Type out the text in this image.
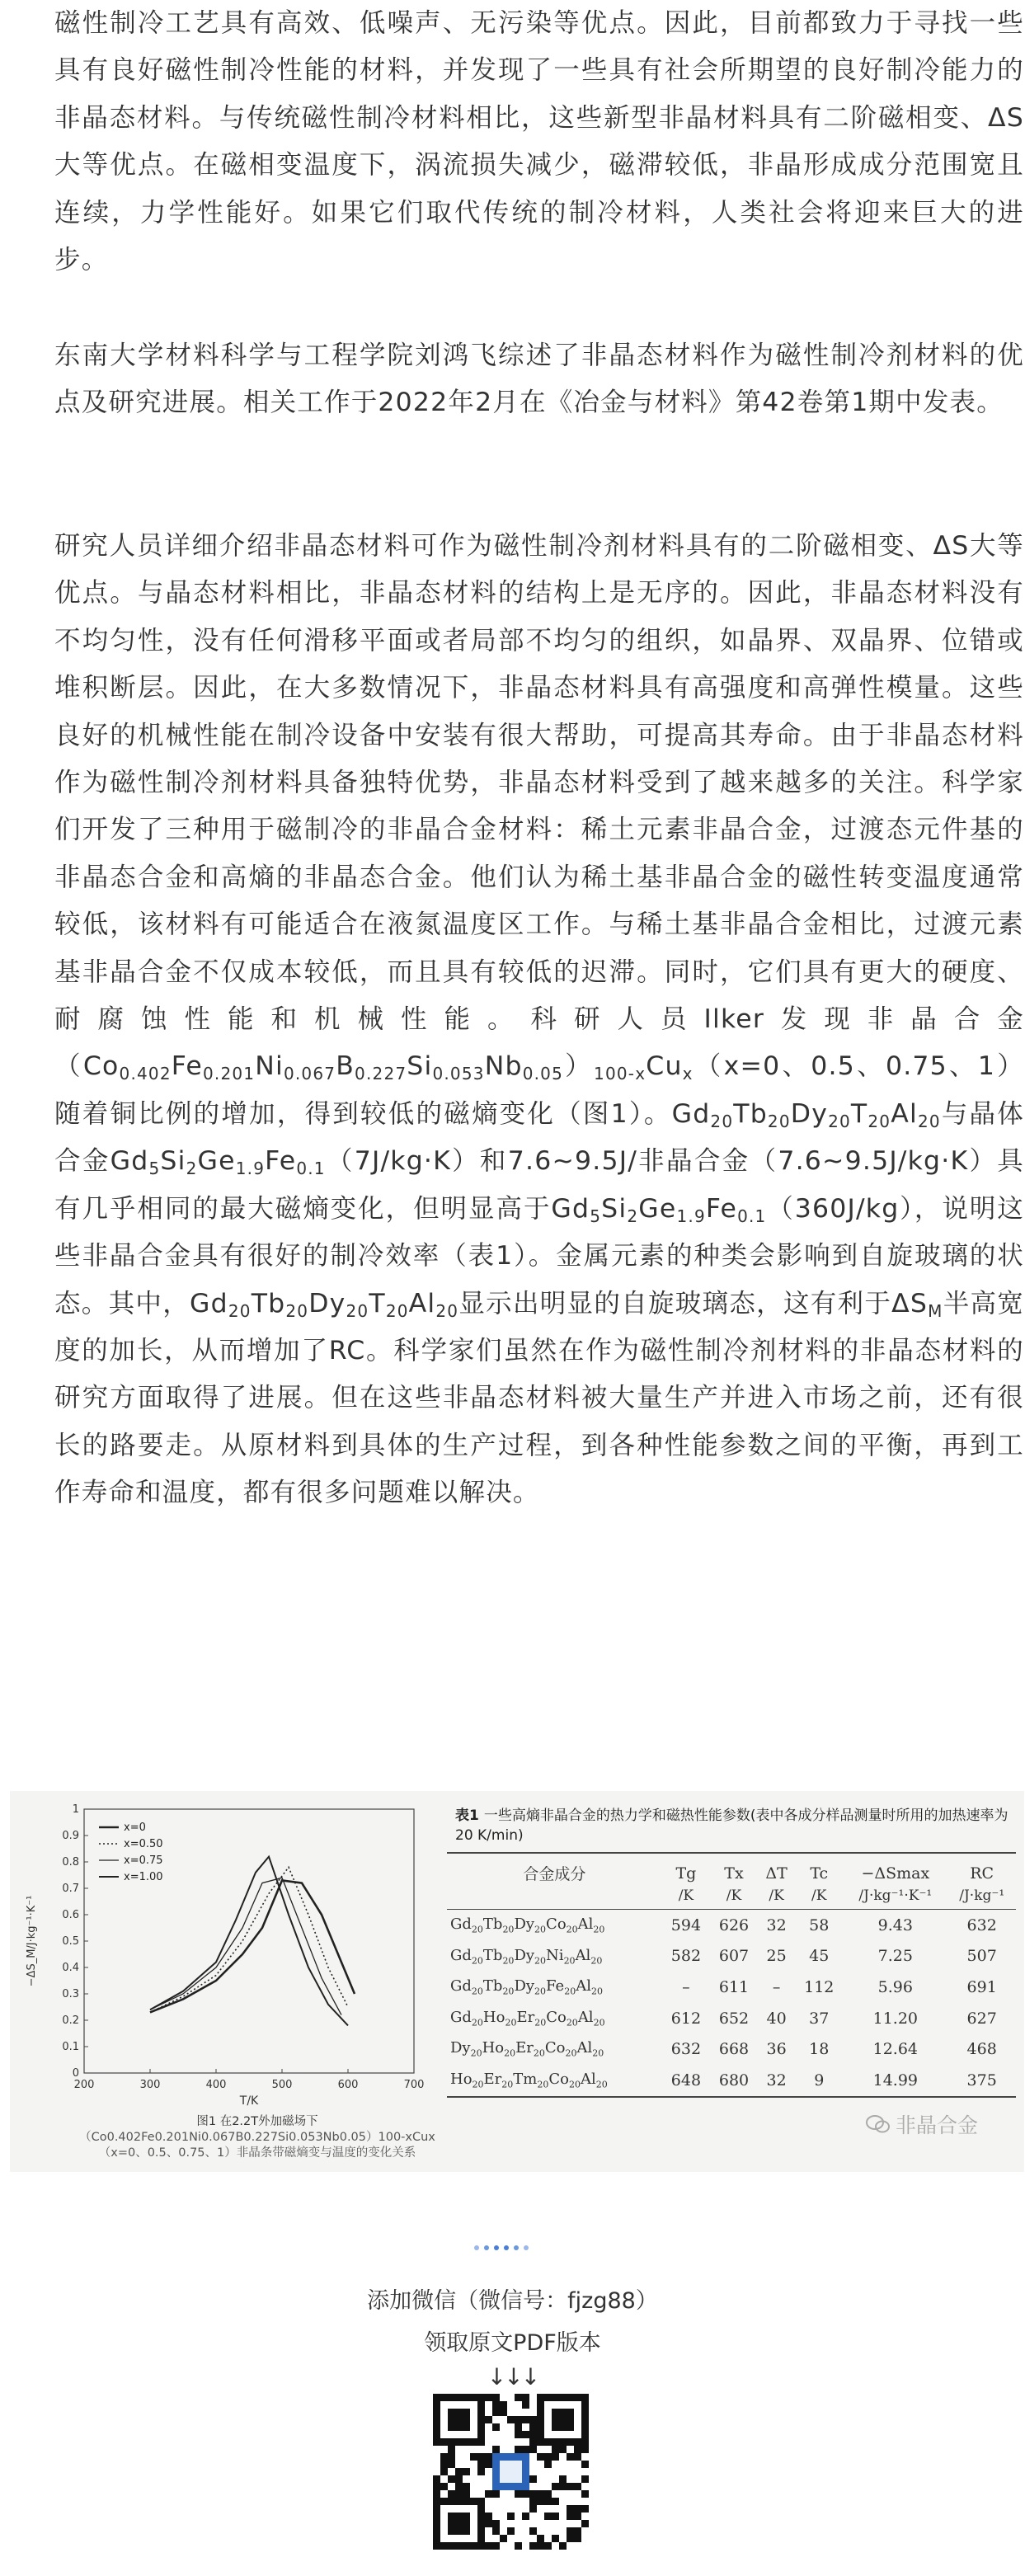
磁性制冷工艺具有高效、低噪声、无污染等优点。因此，目前都致力于寻找一些具有良好磁性制冷性能的材料，并发现了一些具有社会所期望的良好制冷能力的非晶态材料。与传统磁性制冷材料相比，这些新型非晶材料具有二阶磁相变、ΔS大等优点。在磁相变温度下，涡流损失减少，磁滞较低，非晶形成成分范围宽且连续，力学性能好。如果它们取代传统的制冷材料，人类社会将迎来巨大的进步。

东南大学材料科学与工程学院刘鸿飞综述了非晶态材料作为磁性制冷剂材料的优点及研究进展。相关工作于2022年2月在《冶金与材料》第42卷第1期中发表。

研究人员详细介绍非晶态材料可作为磁性制冷剂材料具有的二阶磁相变、ΔS大等优点。与晶态材料相比，非晶态材料的结构上是无序的。因此，非晶态材料没有不均匀性，没有任何滑移平面或者局部不均匀的组织，如晶界、双晶界、位错或堆积断层。因此，在大多数情况下，非晶态材料具有高强度和高弹性模量。这些良好的机械性能在制冷设备中安装有很大帮助，可提高其寿命。由于非晶态材料作为磁性制冷剂材料具备独特优势，非晶态材料受到了越来越多的关注。科学家们开发了三种用于磁制冷的非晶合金材料：稀土元素非晶合金，过渡态元件基的非晶态合金和高熵的非晶态合金。他们认为稀土基非晶合金的磁性转变温度通常较低，该材料有可能适合在液氮温度区工作。与稀土基非晶合金相比，过渡元素基非晶合金不仅成本较低，而且具有较低的迟滞。同时，它们具有更大的硬度、耐腐蚀性能和机械性能。科研人员Ilker发现非晶合金$(Co_{0.402}Fe_{0.201}Ni_{0.067}B_{0.227}Si_{0.053}Nb_{0.05})_{100-x}Cu_x(x=0$、0.5、0.75、1）随着铜比例的增加，得到较低的磁熵变化（图1）。$Gd_{20}Tb_{20}Dy_{20}T_{20}Al_{20}$与晶体合金$Gd_5Si_2Ge_{1.9}Fe_{0.1}(7J/kg\cdot K)$和7.6~9.5J/非晶合金（7.6~9.5J/kg·K）具有几乎相同的最大磁熵变化，但明显高于$Gd_5Si_2Ge_{1.9}Fe_{0.1}(360J/kg)$，说明这些非晶合金具有很好的制冷效率（表1）。金属元素的种类会影响到自旋玻璃的状态。其中，$Gd_{20}Tb_{20}Dy_{20}T_{20}Al_{20}$显示出明显的自旋玻璃态，这有利于$\Delta S_M$半高宽度的加长，从而增加了RC。科学家们虽然在作为磁性制冷剂材料的非晶态材料的研究方面取得了进展。但在这些非晶态材料被大量生产并进入市场之前，还有很长的路要走。从原材料到具体的生产过程，到各种性能参数之间的平衡，再到工作寿命和温度，都有很多问题难以解决。

200	300	400	500	600	700
0
0.1
0.2
0.3
0.4
0.5
0.6
0.7
0.8
0.9
1
T/K
−ΔS_M/J·kg⁻¹·K⁻¹
x=0
x=0.50
x=0.75
x=1.00
图1 在2.2T外加磁场下
（Co0.402Fe0.201Ni0.067B0.227Si0.053Nb0.05）100-xCux
（x=0、0.5、0.75、1）非晶条带磁熵变与温度的变化关系
表1 一些高熵非晶合金的热力学和磁热性能参数(表中各成分样品测量时所用的加热速率为 20 K/min)
合金成分	Tg	Tx	ΔT	Tc	−ΔSmax	RC
	/K	/K	/K	/K	/J·kg⁻¹·K⁻¹	/J·kg⁻¹
$Gd_{20}Tb_{20}Dy_{20}Co_{20}Al_{20}$	594	626	32	58	9.43	632
$Gd_{20}Tb_{20}Dy_{20}Ni_{20}Al_{20}$	582	607	25	45	7.25	507
$Gd_{20}Tb_{20}Dy_{20}Fe_{20}Al_{20}$	–	611	–	112	5.96	691
$Gd_{20}Ho_{20}Er_{20}Co_{20}Al_{20}$	612	652	40	37	11.20	627
$Dy_{20}Ho_{20}Er_{20}Co_{20}Al_{20}$	632	668	36	18	12.64	468
$Ho_{20}Er_{20}Tm_{20}Co_{20}Al_{20}$	648	680	32	9	14.99	375
非晶合金
添加微信（微信号：fjzg88）
领取原文PDF版本
↓↓↓
